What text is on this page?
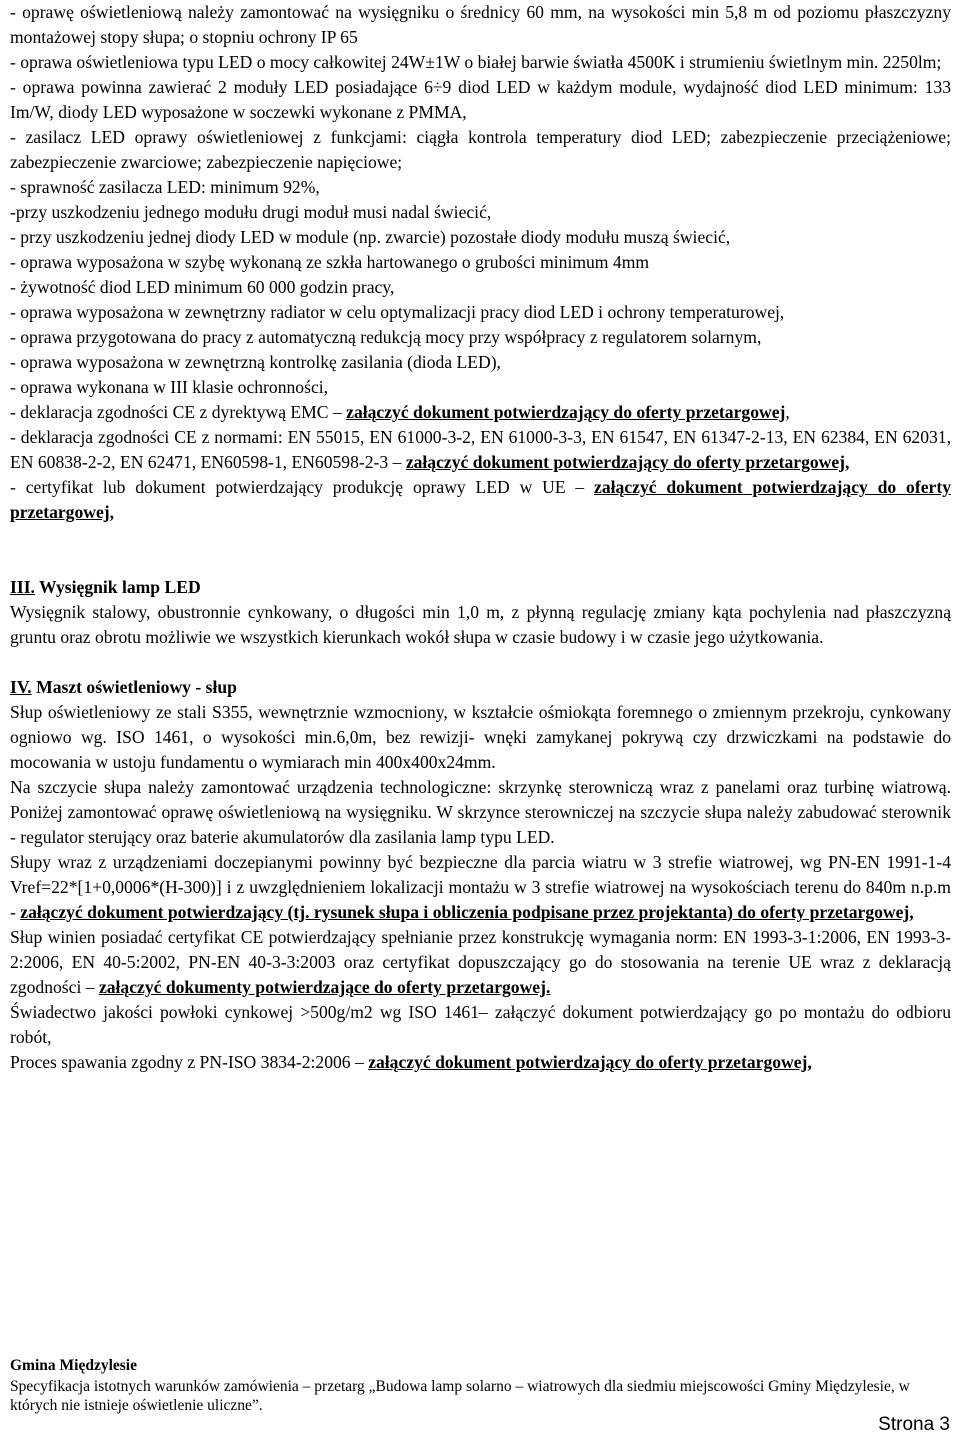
- oprawę oświetleniową należy zamontować na wysięgniku o średnicy 60 mm, na wysokości min 5,8 m od poziomu płaszczyzny montażowej stopy słupa; o stopniu ochrony IP 65

- oprawa oświetleniowa typu LED o mocy całkowitej 24W±1W o białej barwie światła 4500K i strumieniu świetlnym min. 2250lm;

- oprawa powinna zawierać 2 moduły LED posiadające 6÷9 diod LED w każdym module, wydajność diod LED minimum: 133 Im/W, diody LED wyposażone w soczewki wykonane z PMMA,

- zasilacz LED oprawy oświetleniowej z funkcjami: ciągła kontrola temperatury diod LED; zabezpieczenie przeciążeniowe; zabezpieczenie zwarciowe; zabezpieczenie napięciowe;

- sprawność zasilacza LED: minimum 92%,

-przy uszkodzeniu jednego modułu drugi moduł musi nadal świecić,

- przy uszkodzeniu jednej diody LED w module (np. zwarcie) pozostałe diody modułu muszą świecić,

- oprawa wyposażona w szybę wykonaną ze szkła hartowanego o grubości minimum 4mm

- żywotność diod LED minimum 60 000 godzin pracy,

- oprawa wyposażona w zewnętrzny radiator w celu optymalizacji pracy diod LED i ochrony temperaturowej,

- oprawa przygotowana do pracy z automatyczną redukcją mocy przy współpracy z regulatorem solarnym,

- oprawa wyposażona w zewnętrzną kontrolkę zasilania (dioda LED),

- oprawa wykonana w III klasie ochronności,

- deklaracja zgodności CE z dyrektywą EMC – załączyć dokument potwierdzający do oferty przetargowej,

- deklaracja zgodności CE z normami: EN 55015, EN 61000-3-2, EN 61000-3-3, EN 61547, EN 61347-2-13, EN 62384, EN 62031, EN 60838-2-2, EN 62471, EN60598-1, EN60598-2-3 – załączyć dokument potwierdzający do oferty przetargowej,

- certyfikat lub dokument potwierdzający produkcję oprawy LED w UE – załączyć dokument potwierdzający do oferty przetargowej,

III. Wysięgnik lamp LED

Wysięgnik stalowy, obustronnie cynkowany, o długości min 1,0 m, z płynną regulację zmiany kąta pochylenia nad płaszczyzną gruntu oraz obrotu możliwie we wszystkich kierunkach wokół słupa w czasie budowy i w czasie jego użytkowania.

IV. Maszt oświetleniowy - słup

Słup oświetleniowy ze stali S355, wewnętrznie wzmocniony, w kształcie ośmiokąta foremnego o zmiennym przekroju, cynkowany ogniowo wg. ISO 1461, o wysokości min.6,0m, bez rewizji- wnęki zamykanej pokrywą czy drzwiczkami na podstawie do mocowania w ustoju fundamentu o wymiarach min 400x400x24mm.

Na szczycie słupa należy zamontować urządzenia technologiczne: skrzynkę sterowniczą wraz z panelami oraz turbinę wiatrową. Poniżej zamontować oprawę oświetleniową na wysięgniku. W skrzynce sterowniczej na szczycie słupa należy zabudować sterownik - regulator sterujący oraz baterie akumulatorów dla zasilania lamp typu LED.

Słupy wraz z urządzeniami doczepianymi powinny być bezpieczne dla parcia wiatru w 3 strefie wiatrowej, wg PN-EN 1991-1-4 Vref=22*[1+0,0006*(H-300)] i z uwzględnieniem lokalizacji montażu w 3 strefie wiatrowej na wysokościach terenu do 840m n.p.m - załączyć dokument potwierdzający (tj. rysunek słupa i obliczenia podpisane przez projektanta) do oferty przetargowej,

Słup winien posiadać certyfikat CE potwierdzający spełnianie przez konstrukcję wymagania norm: EN 1993-3-1:2006, EN 1993-3-2:2006, EN 40-5:2002, PN-EN 40-3-3:2003 oraz certyfikat dopuszczający go do stosowania na terenie UE wraz z deklaracją zgodności – załączyć dokumenty potwierdzające do oferty przetargowej.

Świadectwo jakości powłoki cynkowej >500g/m2 wg ISO 1461– załączyć dokument potwierdzający go po montażu do odbioru robót,

Proces spawania zgodny z PN-ISO 3834-2:2006 – załączyć dokument potwierdzający do oferty przetargowej,

Gmina Międzylesie

Specyfikacja istotnych warunków zamówienia – przetarg „Budowa lamp solarno – wiatrowych dla siedmiu miejscowości Gminy Międzylesie, w których nie istnieje oświetlenie uliczne”.

Strona 3
